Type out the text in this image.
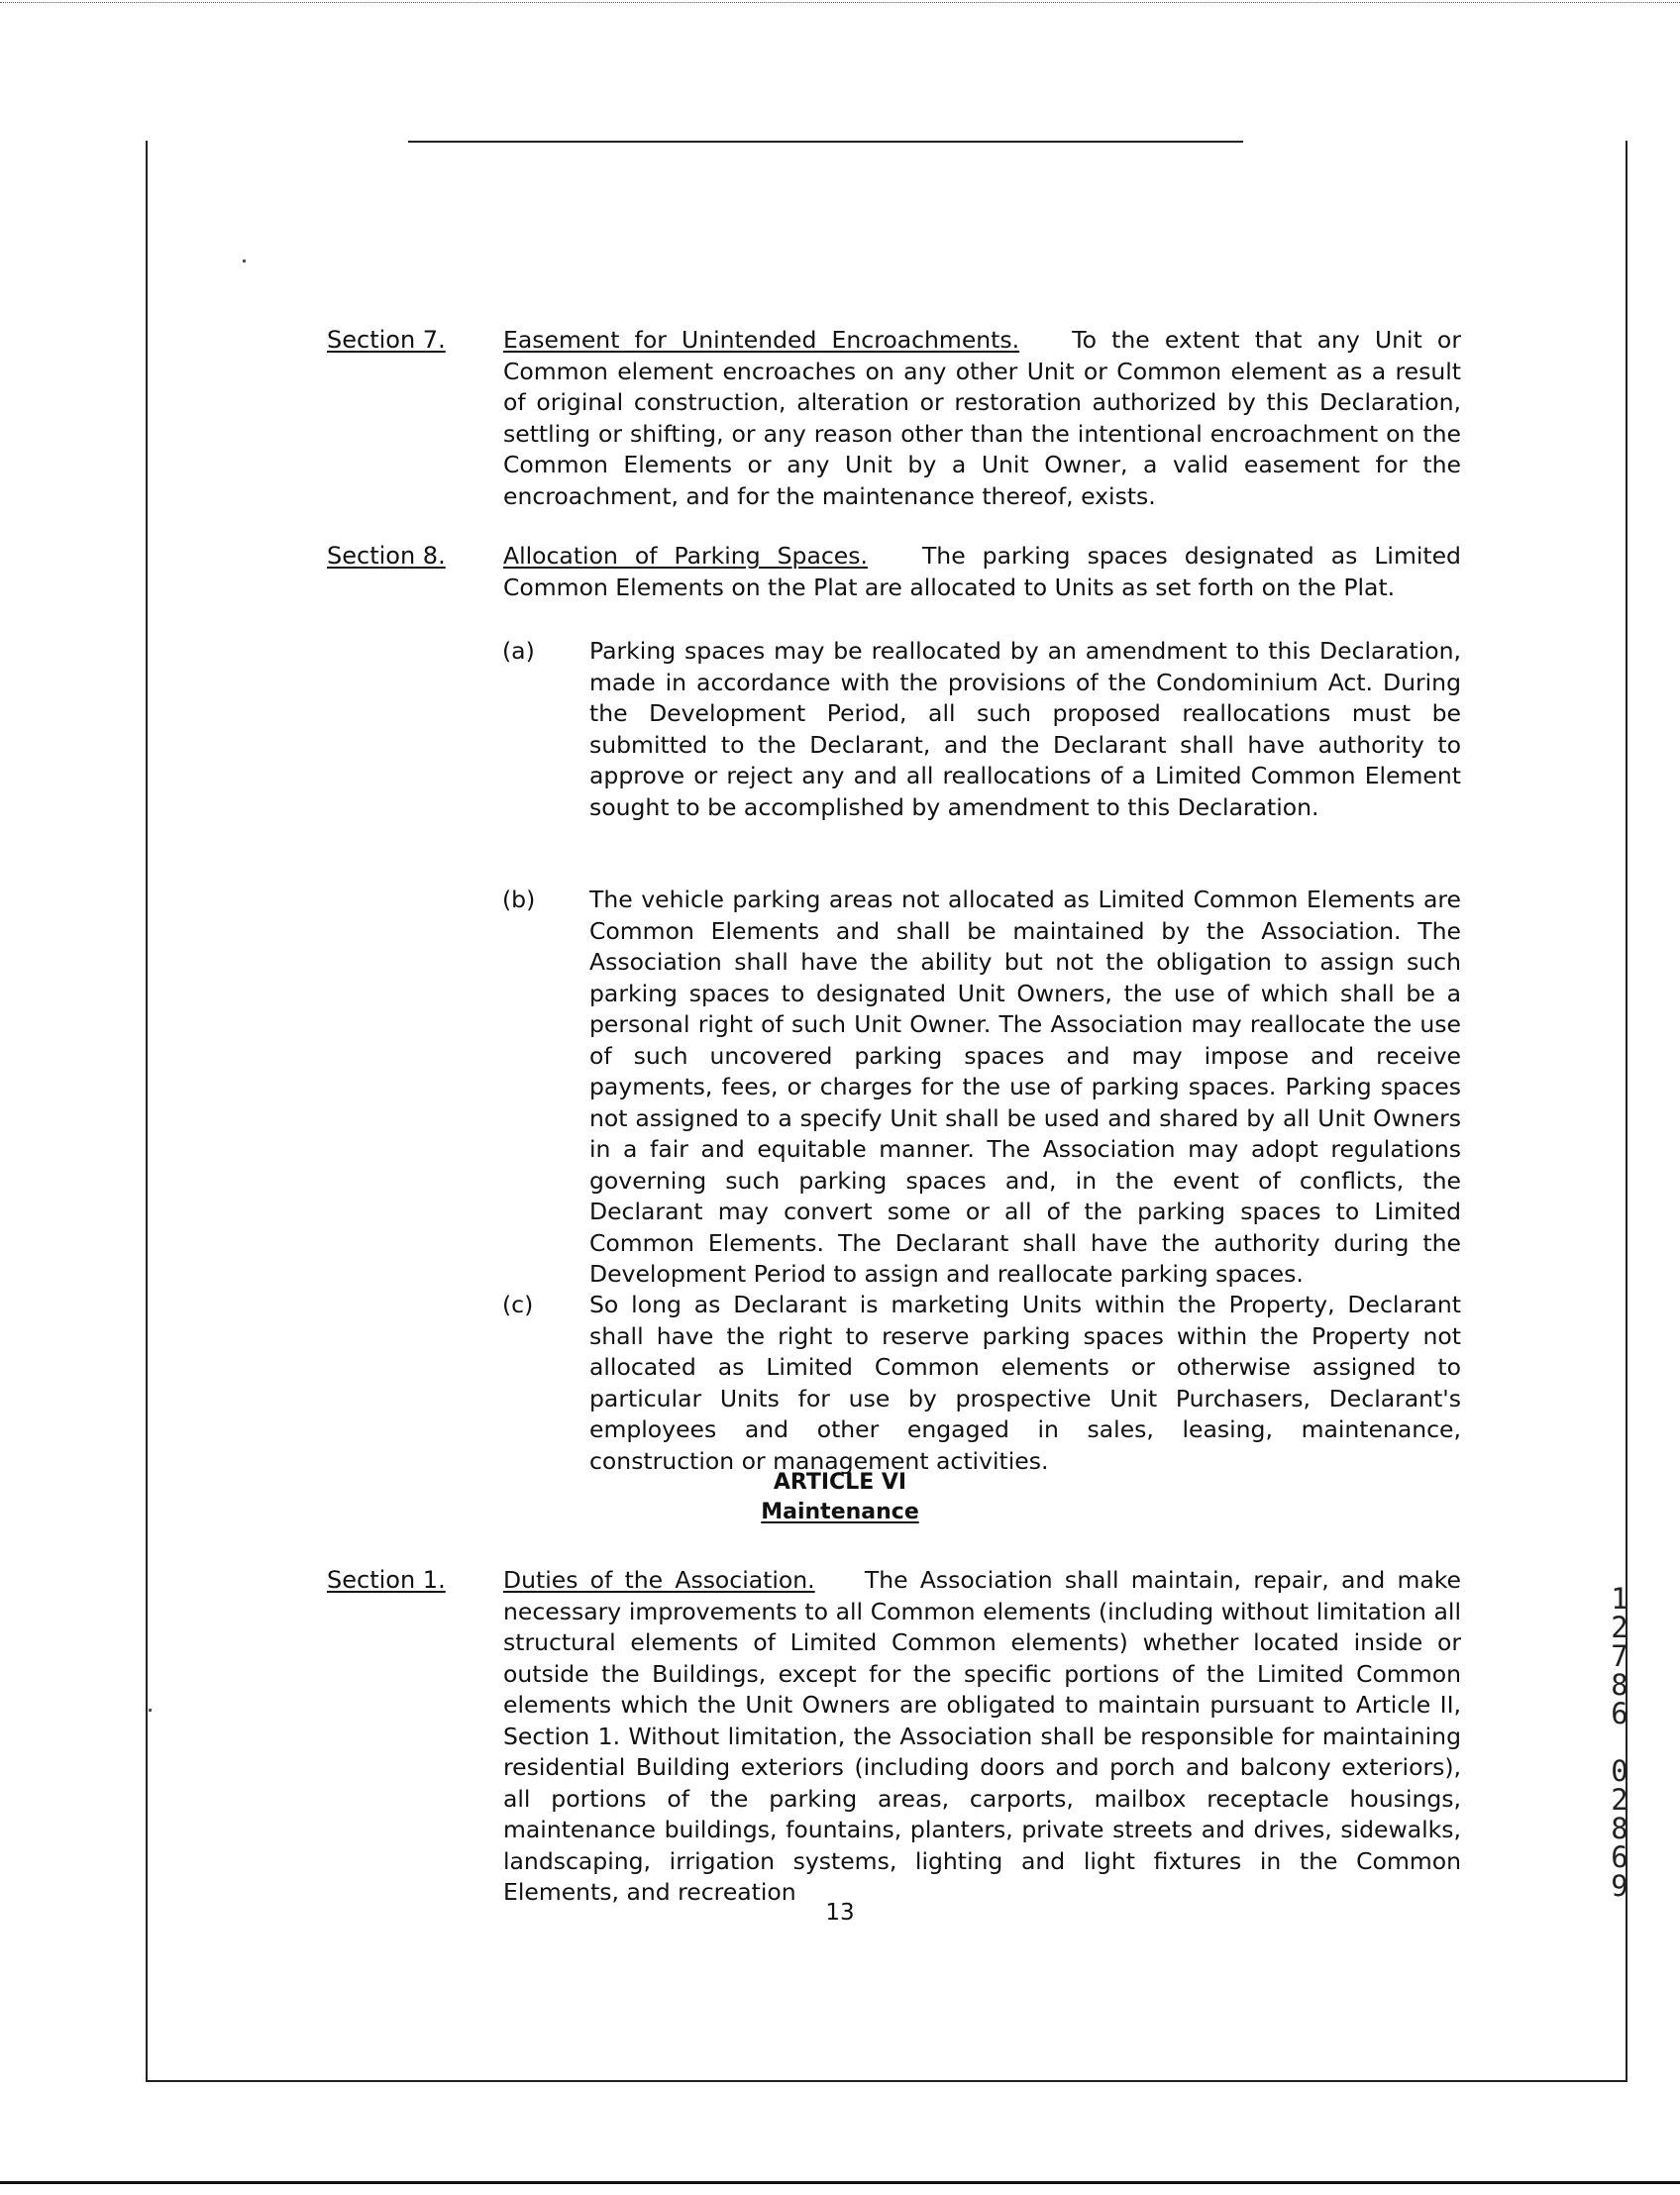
Section 7. Easement for Unintended Encroachments. To the extent that any Unit or Common element encroaches on any other Unit or Common element as a result of original construction, alteration or restoration authorized by this Declaration, settling or shifting, or any reason other than the intentional encroachment on the Common Elements or any Unit by a Unit Owner, a valid easement for the encroachment, and for the maintenance thereof, exists.
Section 8. Allocation of Parking Spaces. The parking spaces designated as Limited Common Elements on the Plat are allocated to Units as set forth on the Plat.
(a) Parking spaces may be reallocated by an amendment to this Declaration, made in accordance with the provisions of the Condominium Act. During the Development Period, all such proposed reallocations must be submitted to the Declarant, and the Declarant shall have authority to approve or reject any and all reallocations of a Limited Common Element sought to be accomplished by amendment to this Declaration.
(b) The vehicle parking areas not allocated as Limited Common Elements are Common Elements and shall be maintained by the Association. The Association shall have the ability but not the obligation to assign such parking spaces to designated Unit Owners, the use of which shall be a personal right of such Unit Owner. The Association may reallocate the use of such uncovered parking spaces and may impose and receive payments, fees, or charges for the use of parking spaces. Parking spaces not assigned to a specify Unit shall be used and shared by all Unit Owners in a fair and equitable manner. The Association may adopt regulations governing such parking spaces and, in the event of conflicts, the Declarant may convert some or all of the parking spaces to Limited Common Elements. The Declarant shall have the authority during the Development Period to assign and reallocate parking spaces.
(c) So long as Declarant is marketing Units within the Property, Declarant shall have the right to reserve parking spaces within the Property not allocated as Limited Common elements or otherwise assigned to particular Units for use by prospective Unit Purchasers, Declarant's employees and other engaged in sales, leasing, maintenance, construction or management activities.
ARTICLE VI
Maintenance
Section 1. Duties of the Association. The Association shall maintain, repair, and make necessary improvements to all Common elements (including without limitation all structural elements of Limited Common elements) whether located inside or outside the Buildings, except for the specific portions of the Limited Common elements which the Unit Owners are obligated to maintain pursuant to Article II, Section 1. Without limitation, the Association shall be responsible for maintaining residential Building exteriors (including doors and porch and balcony exteriors), all portions of the parking areas, carports, mailbox receptacle housings, maintenance buildings, fountains, planters, private streets and drives, sidewalks, landscaping, irrigation systems, lighting and light fixtures in the Common Elements, and recreation
13
1
2
7
8
6
0
2
8
6
9
